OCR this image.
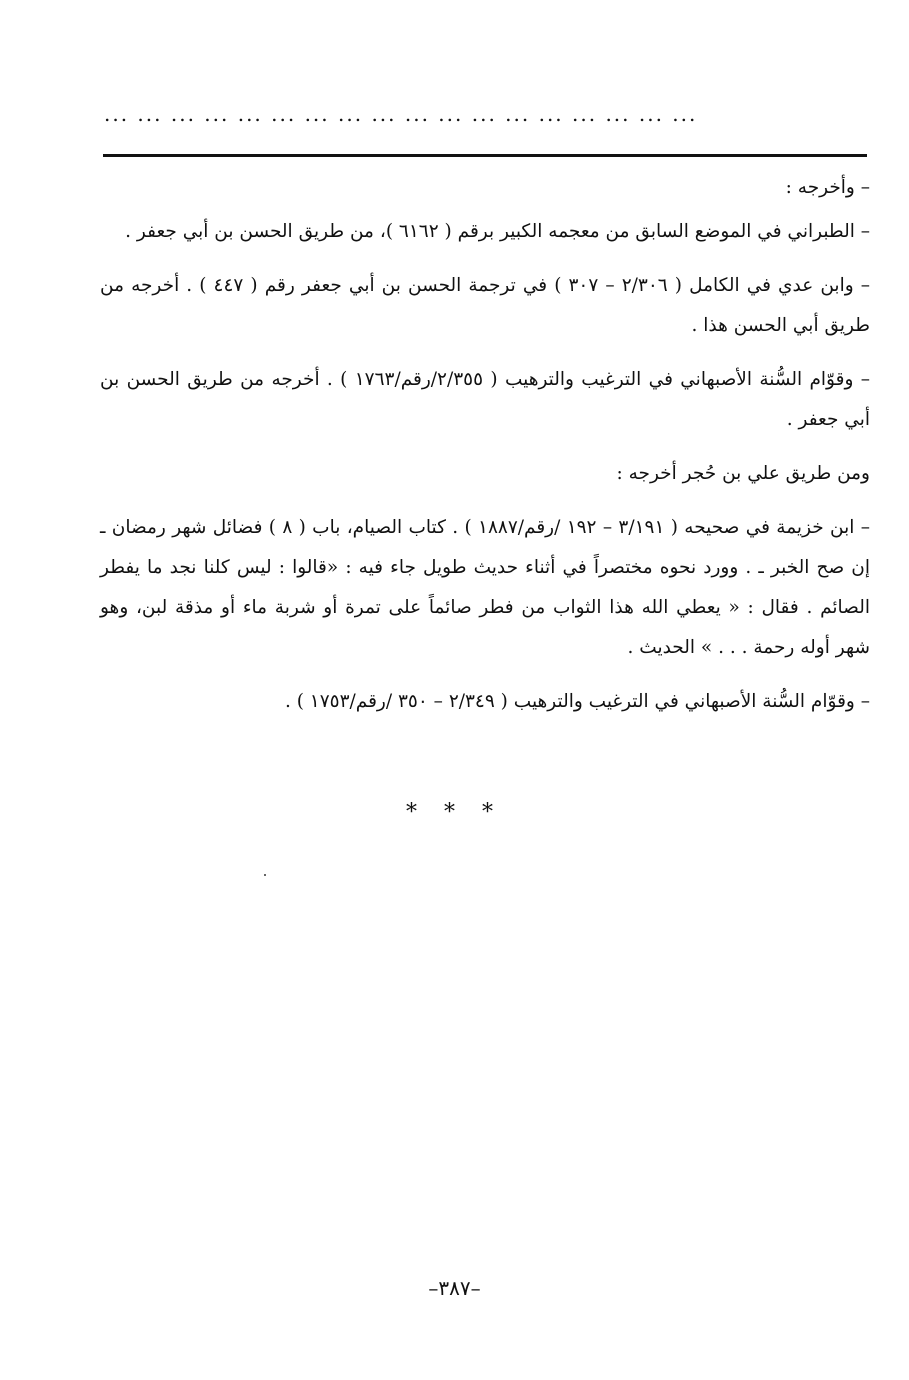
... ... ... ... ... ... ... ... ... ... ... ... ... ... ... ... ... ...

– وأخرجه :

– الطبراني في الموضع السابق من معجمه الكبير برقم ( ٦١٦٢ )، من طريق الحسن بن أبي جعفر .

– وابن عدي في الكامل ( ٢/٣٠٦ – ٣٠٧ ) في ترجمة الحسن بن أبي جعفر رقم ( ٤٤٧ ) . أخرجه من طريق أبي الحسن هذا .

– وقوّام السُّنة الأصبهاني في الترغيب والترهيب ( ٢/٣٥٥/رقم/١٧٦٣ ) . أخرجه من طريق الحسن بن أبي جعفر .

ومن طريق علي بن حُجر أخرجه :

– ابن خزيمة في صحيحه ( ٣/١٩١ – ١٩٢ /رقم/١٨٨٧ ) . كتاب الصيام، باب ( ٨ ) فضائل شهر رمضان ـ إن صح الخبر ـ . وورد نحوه مختصراً في أثناء حديث طويل جاء فيه : «قالوا : ليس كلنا نجد ما يفطر الصائم . فقال : « يعطي الله هذا الثواب من فطر صائماً على تمرة أو شربة ماء أو مذقة لبن، وهو شهر أوله رحمة . . . » الحديث .

– وقوّام السُّنة الأصبهاني في الترغيب والترهيب ( ٢/٣٤٩ – ٣٥٠ /رقم/١٧٥٣ ) .

* * *
–٣٨٧–
